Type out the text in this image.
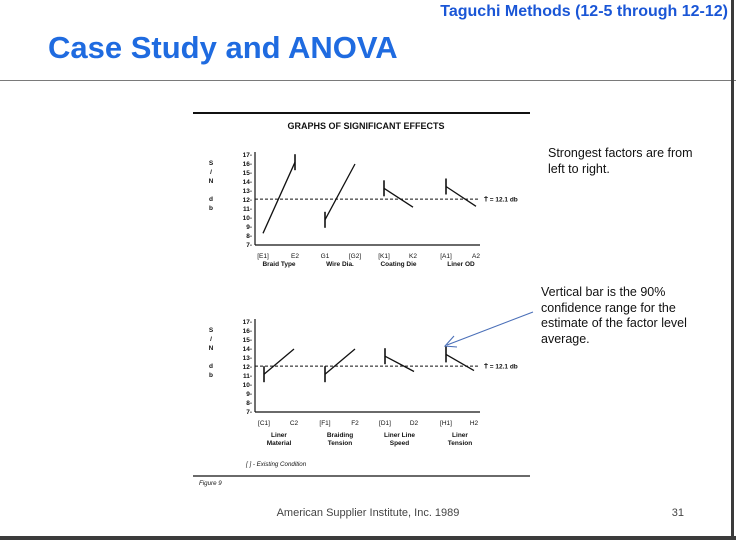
Taguchi Methods (12-5 through 12-12)
Case Study and ANOVA
GRAPHS OF SIGNIFICANT EFFECTS
17-
16-
15-
14-
13-
12-
11-
10-
9-
8-
7-
S
/
N
d
b
T̄ = 12.1 db
[E1]	E2
Braid Type
G1	[G2]
Wire Dia.
[K1]	K2
Coating Die
[A1]	A2
Liner OD
17-
16-
15-
14-
13-
12-
11-
10-
9-
8-
7-
S
/
N
d
b
T̄ = 12.1 db
[C1]	C2
Liner Material
[F1]	F2
Braiding Tension
[D1]	D2
Liner Line Speed
[H1]	H2
Liner Tension
[ ] - Existing Condition
Figure 9
Strongest factors are from left to right.
Vertical bar is the 90% confidence range for the estimate of the factor level average.
American Supplier Institute, Inc. 1989	31
